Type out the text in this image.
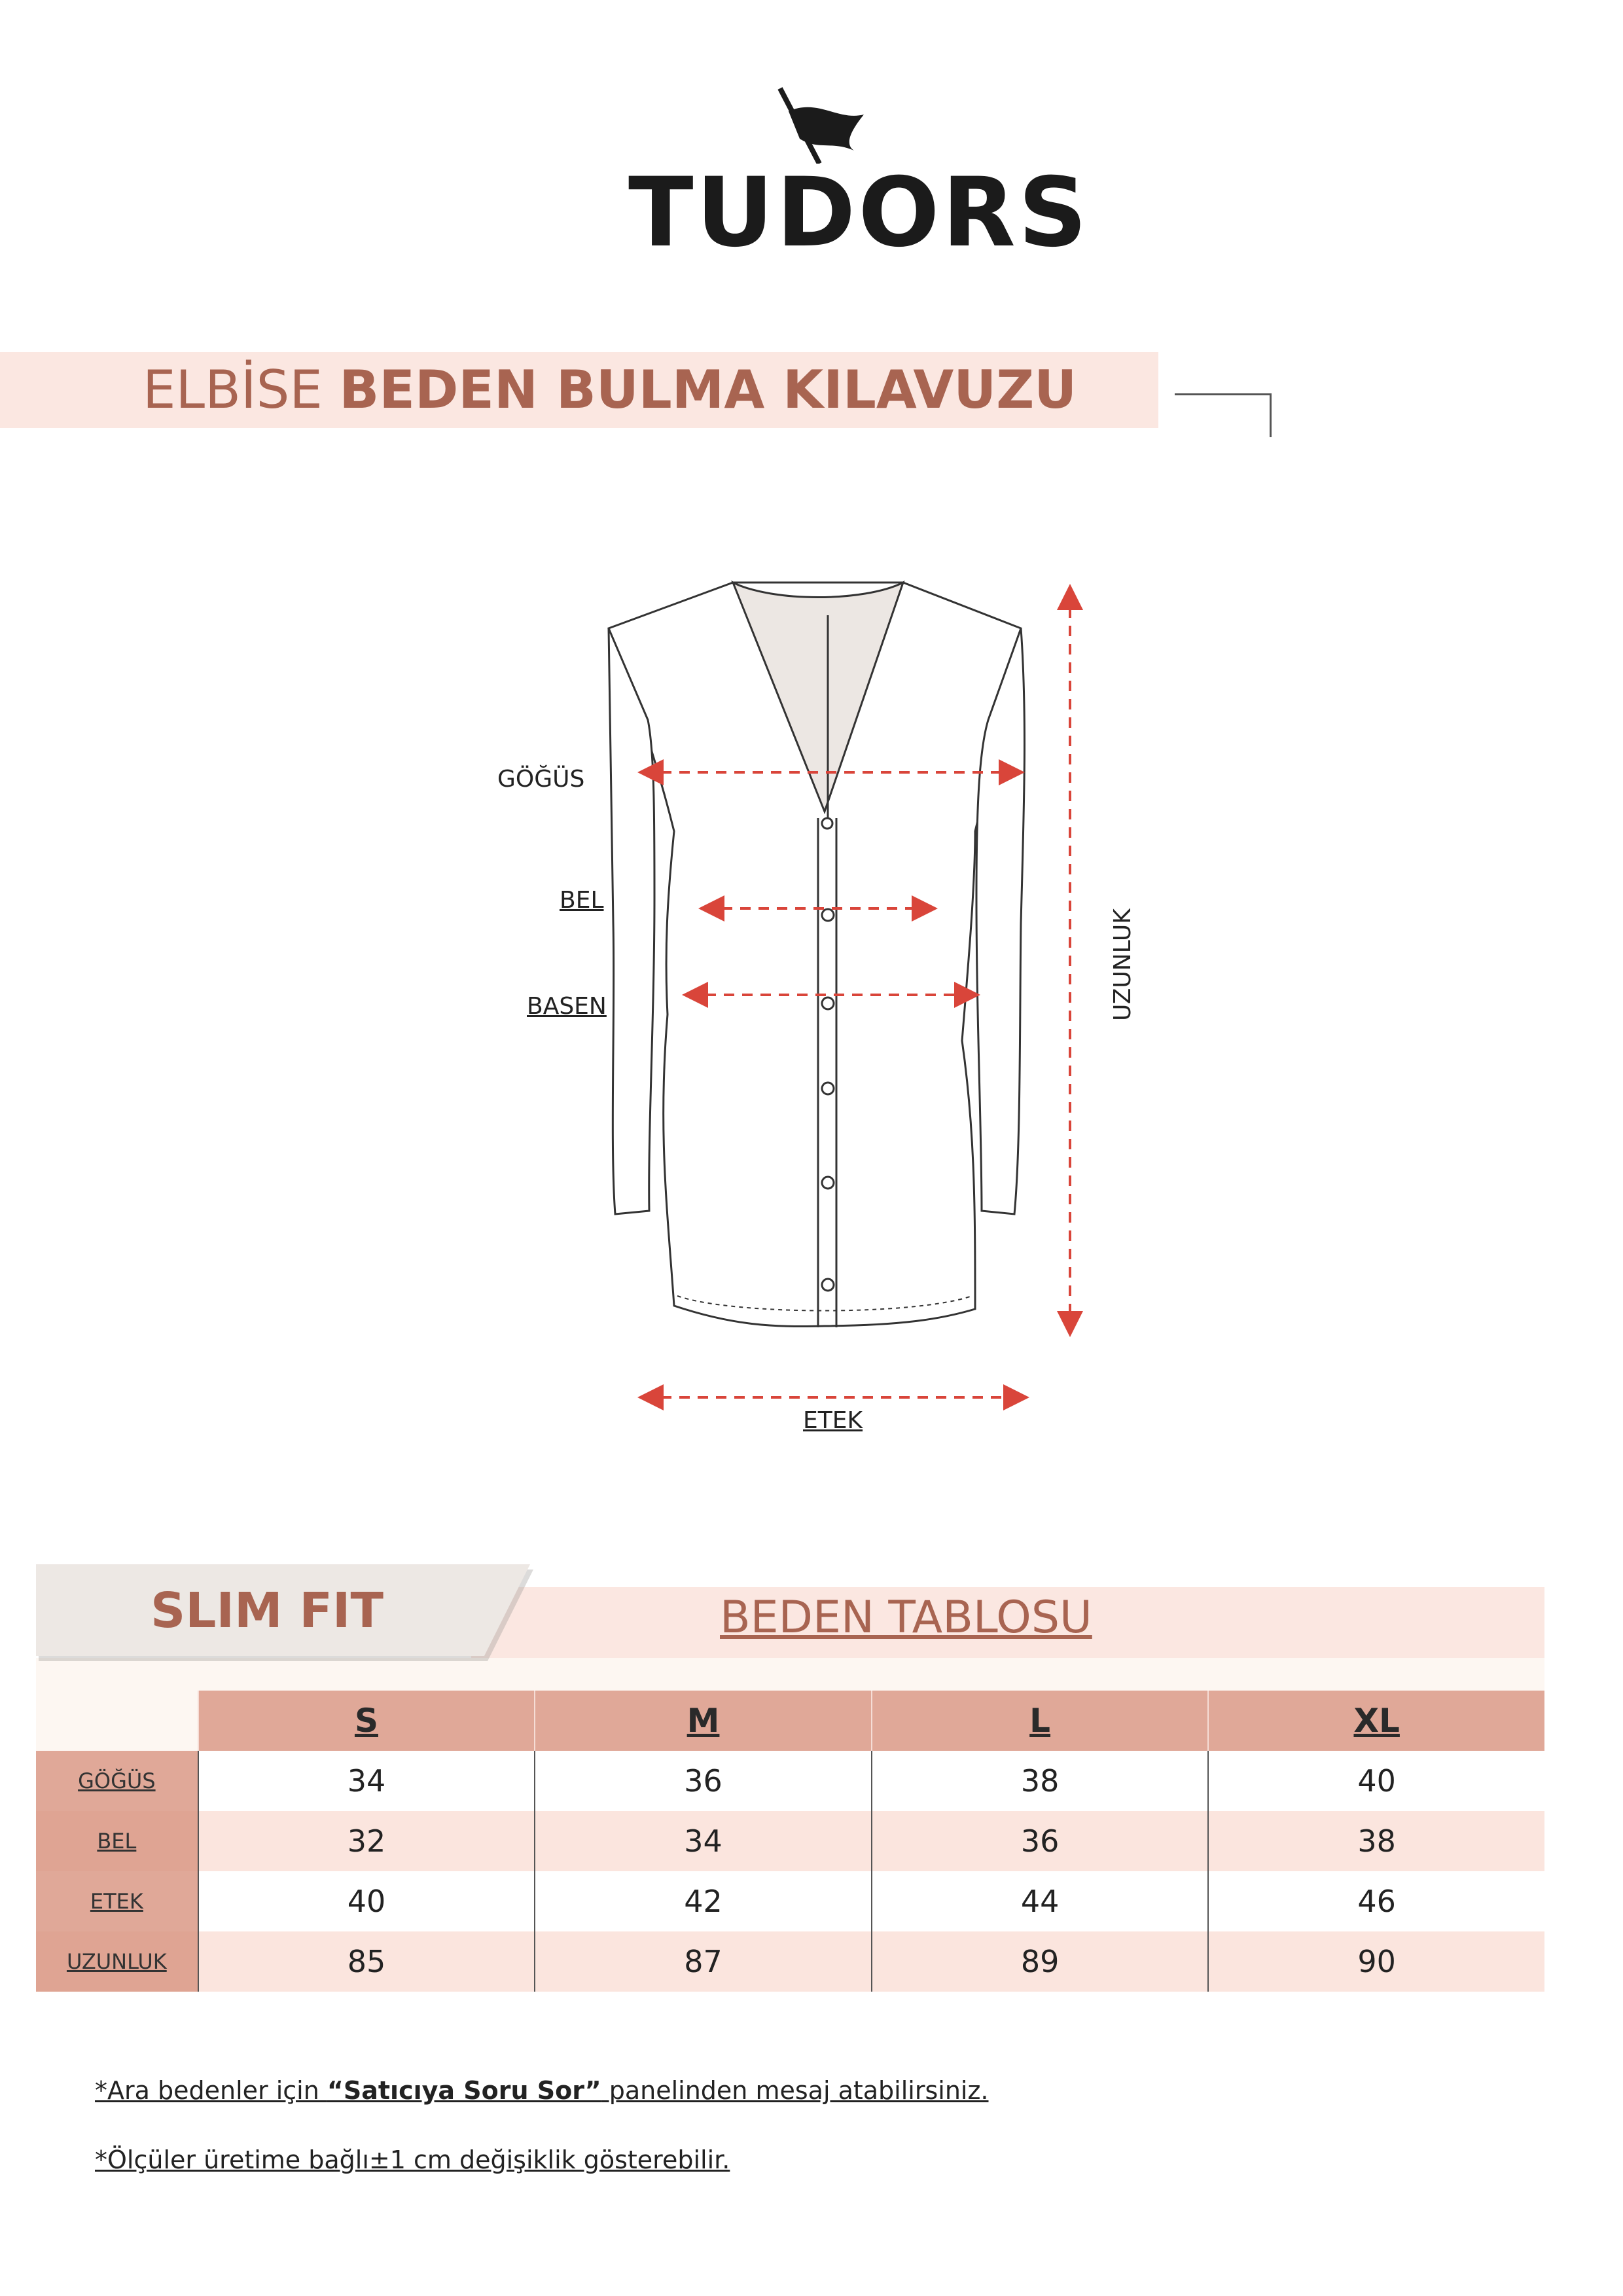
TUDORS
ELBİSE BEDEN BULMA KILAVUZU
GÖĞÜS
BEL
BASEN	UZUNLUK
ETEK
SLIM FIT	BEDEN TABLOSU
	S	M	L	XL
GÖĞÜS	34	36	38	40
BEL	32	34	36	38
ETEK	40	42	44	46
UZUNLUK	85	87	89	90
*Ara bedenler için “Satıcıya Soru Sor” panelinden mesaj atabilirsiniz.
*Ölçüler üretime bağlı±1 cm değişiklik gösterebilir.
